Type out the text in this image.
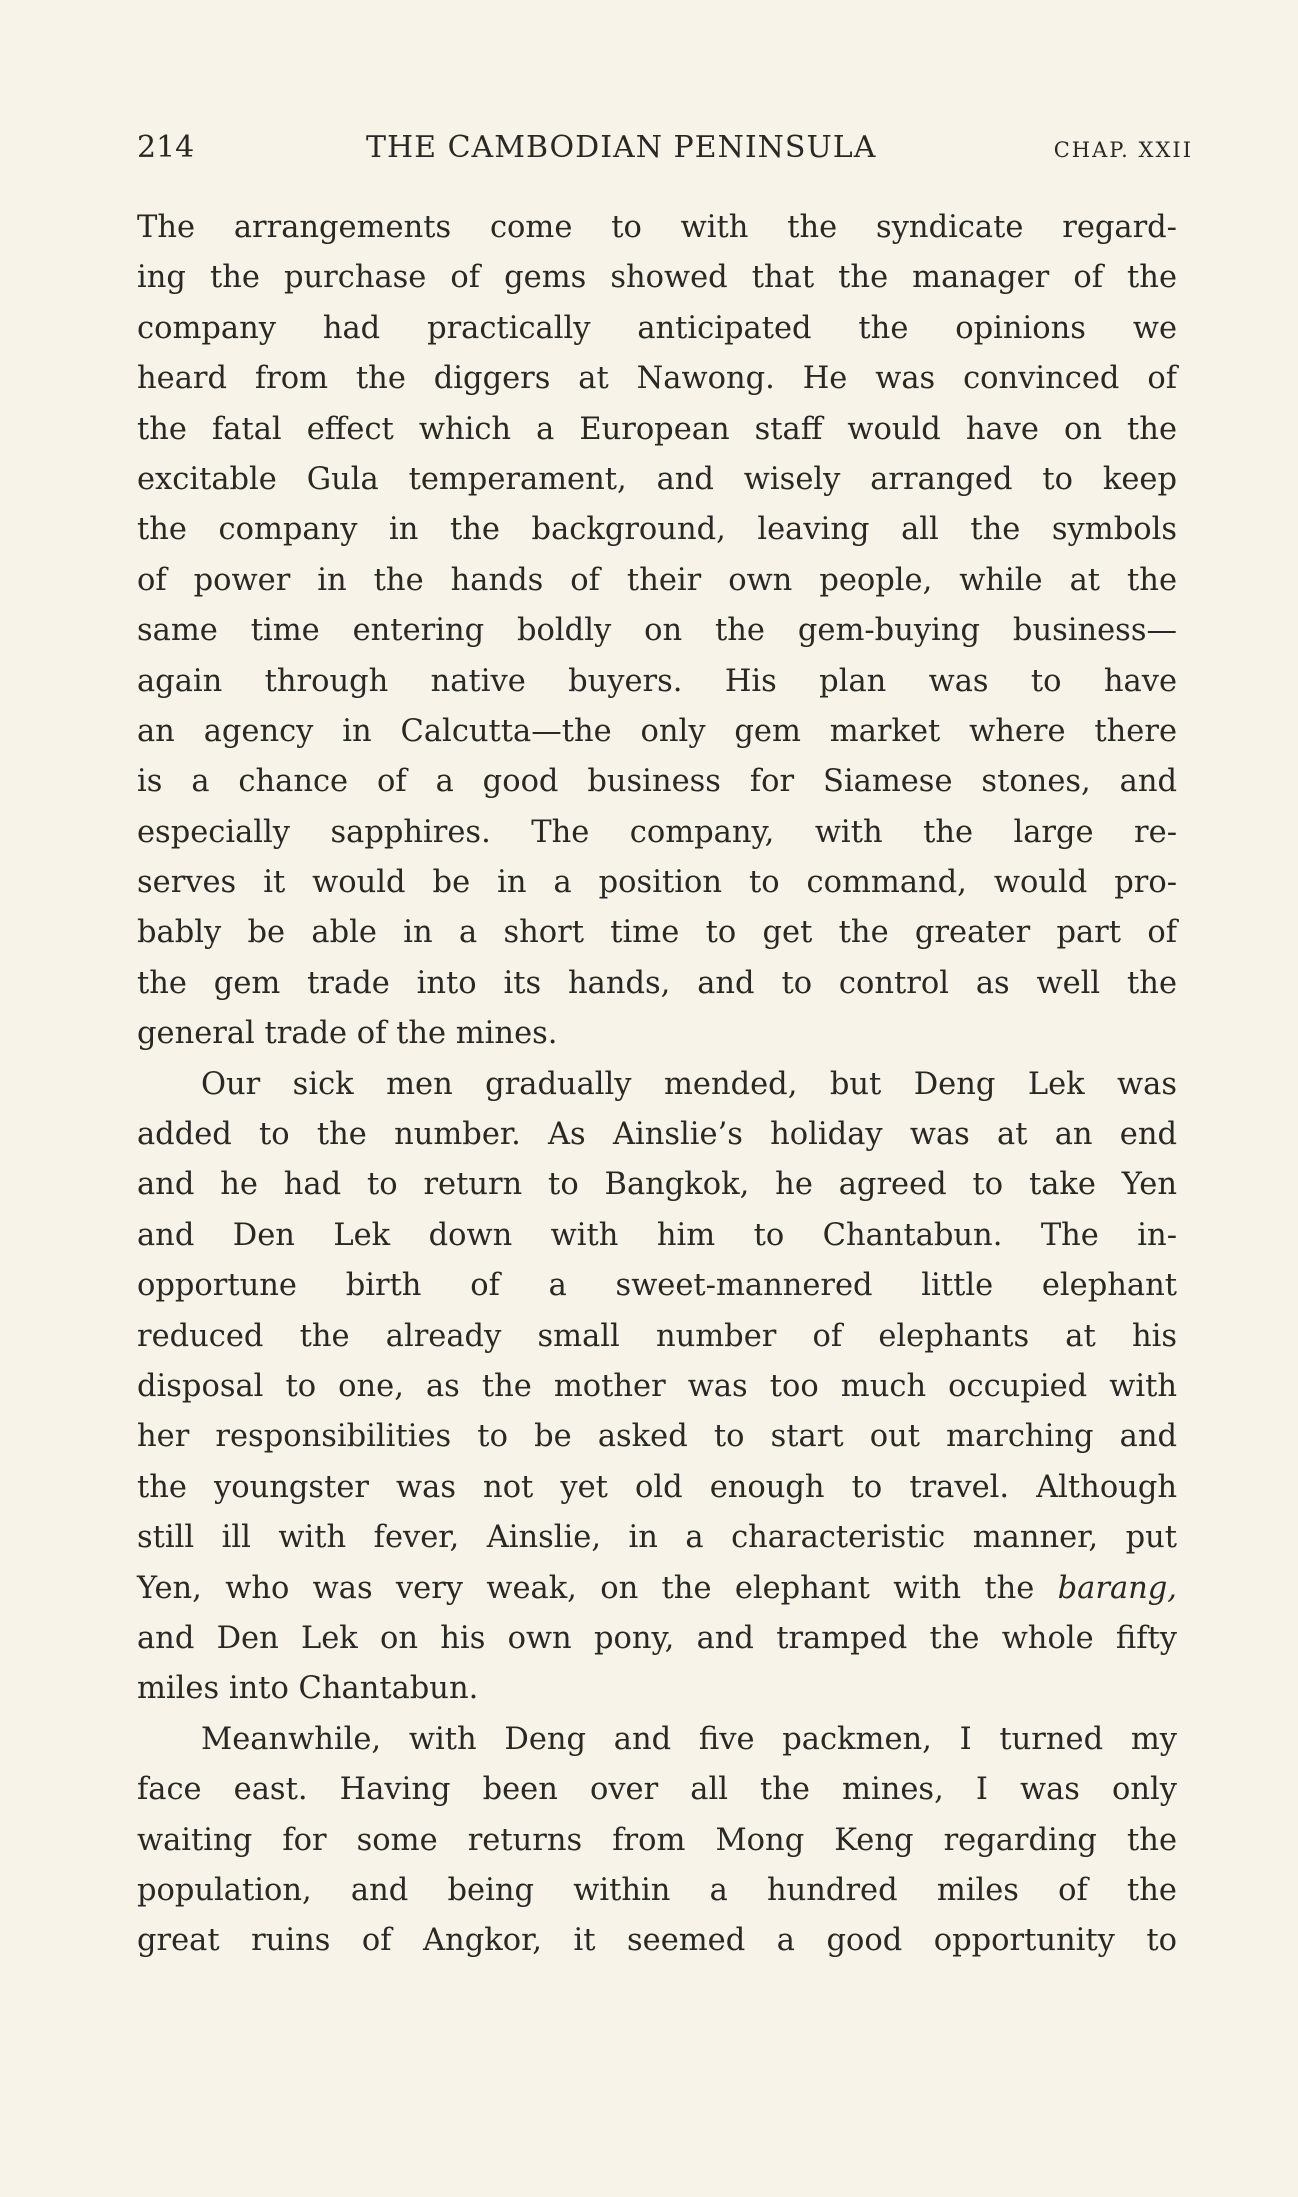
214	THE CAMBODIAN PENINSULA	CHAP. XXII
The arrangements come to with the syndicate regard-
ing the purchase of gems showed that the manager of the
company had practically anticipated the opinions we
heard from the diggers at Nawong. He was convinced of
the fatal effect which a European staff would have on the
excitable Gula temperament, and wisely arranged to keep
the company in the background, leaving all the symbols
of power in the hands of their own people, while at the
same time entering boldly on the gem-buying business—
again through native buyers. His plan was to have
an agency in Calcutta—the only gem market where there
is a chance of a good business for Siamese stones, and
especially sapphires. The company, with the large re-
serves it would be in a position to command, would pro-
bably be able in a short time to get the greater part of
the gem trade into its hands, and to control as well the
general trade of the mines.
Our sick men gradually mended, but Deng Lek was
added to the number. As Ainslie’s holiday was at an end
and he had to return to Bangkok, he agreed to take Yen
and Den Lek down with him to Chantabun. The in-
opportune birth of a sweet-mannered little elephant
reduced the already small number of elephants at his
disposal to one, as the mother was too much occupied with
her responsibilities to be asked to start out marching and
the youngster was not yet old enough to travel. Although
still ill with fever, Ainslie, in a characteristic manner, put
Yen, who was very weak, on the elephant with the barang,
and Den Lek on his own pony, and tramped the whole fifty
miles into Chantabun.
Meanwhile, with Deng and five packmen, I turned my
face east. Having been over all the mines, I was only
waiting for some returns from Mong Keng regarding the
population, and being within a hundred miles of the
great ruins of Angkor, it seemed a good opportunity to
